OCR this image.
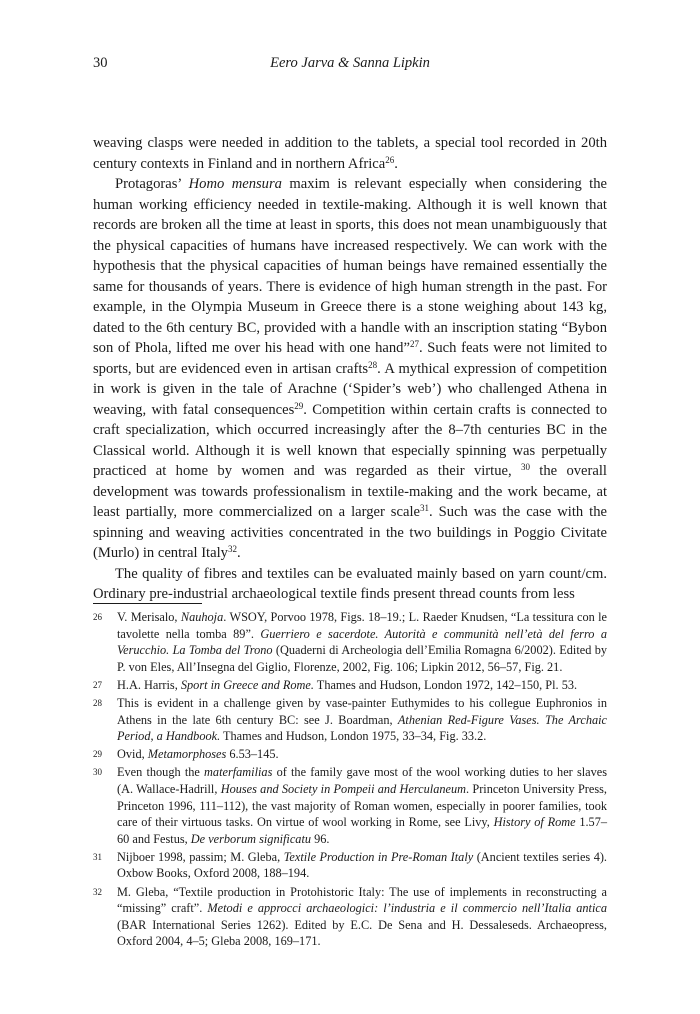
30	Eero Jarva & Sanna Lipkin

weaving clasps were needed in addition to the tablets, a special tool recorded in 20th century contexts in Finland and in northern Africa$^{26}$.

Protagoras’ Homo mensura maxim is relevant especially when considering the human working efficiency needed in textile-making. Although it is well known that records are broken all the time at least in sports, this does not mean unambiguously that the physical capacities of humans have increased respectively. We can work with the hypothesis that the physical capacities of human beings have remained essentially the same for thousands of years. There is evidence of high human strength in the past. For example, in the Olympia Museum in Greece there is a stone weighing about 143 kg, dated to the 6th century BC, provided with a handle with an inscription stating “Bybon son of Phola, lifted me over his head with one hand”$^{27}$. Such feats were not limited to sports, but are evidenced even in artisan crafts$^{28}$. A mythical expression of competition in work is given in the tale of Arachne (‘Spider’s web’) who challenged Athena in weaving, with fatal consequences$^{29}$. Competition within certain crafts is connected to craft specialization, which occurred increasingly after the 8–7th centuries BC in the Classical world. Although it is well known that especially spinning was perpetually practiced at home by women and was regarded as their virtue, $^{30}$ the overall development was towards professionalism in textile-making and the work became, at least partially, more commercialized on a larger scale$^{31}$. Such was the case with the spinning and weaving activities concentrated in the two buildings in Poggio Civitate (Murlo) in central Italy$^{32}$.

The quality of fibres and textiles can be evaluated mainly based on yarn count/cm. Ordinary pre-industrial archaeological textile finds present thread counts from less

26	V. Merisalo, Nauhoja. WSOY, Porvoo 1978, Figs. 18–19.; L. Raeder Knudsen, “La tessitura con le tavolette nella tomba 89”. Guerriero e sacerdote. Autorità e communità nell’età del ferro a Verucchio. La Tomba del Trono (Quaderni di Archeologia dell’Emilia Romagna 6/2002). Edited by P. von Eles, All’Insegna del Giglio, Florenze, 2002, Fig. 106; Lipkin 2012, 56–57, Fig. 21.
27	H.A. Harris, Sport in Greece and Rome. Thames and Hudson, London 1972, 142–150, Pl. 53.
28	This is evident in a challenge given by vase-painter Euthymides to his collegue Euphronios in Athens in the late 6th century BC: see J. Boardman, Athenian Red-Figure Vases. The Archaic Period, a Handbook. Thames and Hudson, London 1975, 33–34, Fig. 33.2.
29	Ovid, Metamorphoses 6.53–145.
30	Even though the materfamilias of the family gave most of the wool working duties to her slaves (A. Wallace-Hadrill, Houses and Society in Pompeii and Herculaneum. Princeton University Press, Princeton 1996, 111–112), the vast majority of Roman women, especially in poorer families, took care of their virtuous tasks. On virtue of wool working in Rome, see Livy, History of Rome 1.57–60 and Festus, De verborum significatu 96.
31	Nijboer 1998, passim; M. Gleba, Textile Production in Pre-Roman Italy (Ancient textiles series 4). Oxbow Books, Oxford 2008, 188–194.
32	M. Gleba, “Textile production in Protohistoric Italy: The use of implements in reconstructing a “missing” craft”. Metodi e approcci archaeologici: l’industria e il commercio nell’Italia antica (BAR International Series 1262). Edited by E.C. De Sena and H. Dessaleseds. Archaeopress, Oxford 2004, 4–5; Gleba 2008, 169–171.
